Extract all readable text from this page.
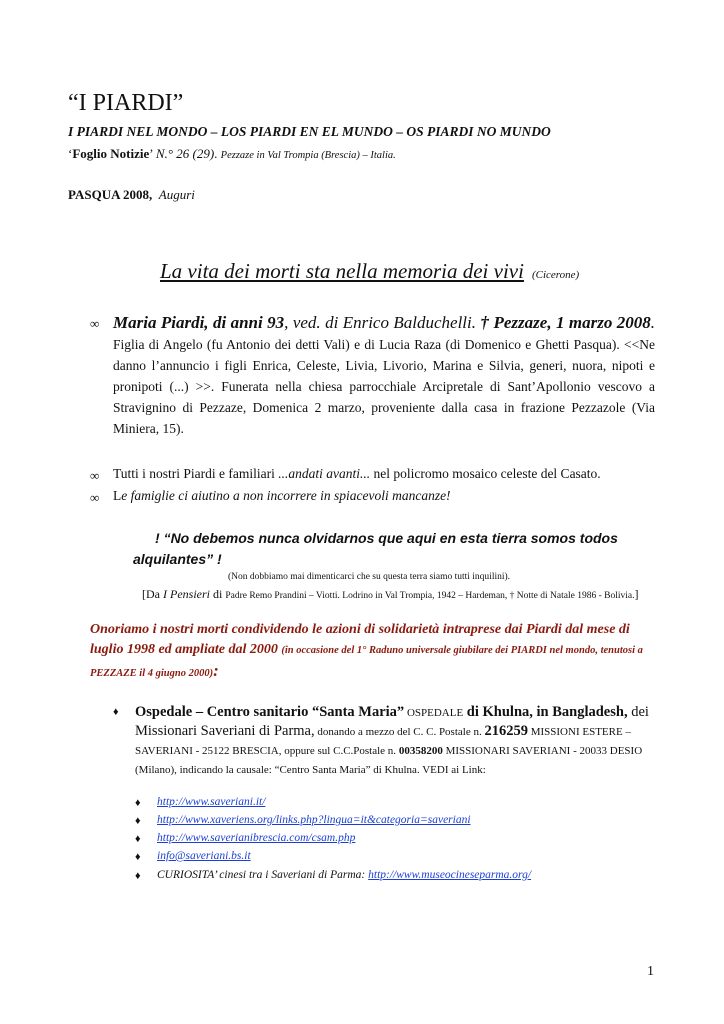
“I PIARDI”
I PIARDI NEL MONDO – LOS PIARDI EN EL MUNDO – OS PIARDI NO MUNDO
‘Foglio Notizie’ N.° 26 (29). Pezzaze in Val Trompia (Brescia) – Italia.
PASQUA 2008, Auguri
La vita dei morti sta nella memoria dei vivi (Cicerone)
∞ Maria Piardi, di anni 93, ved. di Enrico Balduchelli. † Pezzaze, 1 marzo 2008. Figlia di Angelo (fu Antonio dei detti Vali) e di Lucia Raza (di Domenico e Ghetti Pasqua). <<Ne danno l’annuncio i figli Enrica, Celeste, Livia, Livorio, Marina e Silvia, generi, nuora, nipoti e pronipoti (...) >>. Funerata nella chiesa parrocchiale Arcipretale di Sant’Apollonio vescovo a Stravignino di Pezzaze, Domenica 2 marzo, proveniente dalla casa in frazione Pezzazole (Via Miniera, 15).
∞ Tutti i nostri Piardi e familiari ...andati avanti... nel policromo mosaico celeste del Casato.
∞ Le famiglie ci aiutino a non incorrere in spiacevoli mancanze!
! “No debemos nunca olvidarnos que aqui en esta tierra somos todos alquilantes” !
(Non dobbiamo mai dimenticarci che su questa terra siamo tutti inquilini).
[Da I Pensieri di Padre Remo Prandini – Viotti. Lodrino in Val Trompia, 1942 – Hardeman, † Notte di Natale 1986 - Bolivia.]
Onoriamo i nostri morti condividendo le azioni di solidarietà intraprese dai Piardi dal mese di luglio 1998 ed ampliate dal 2000 (in occasione del 1° Raduno universale giubilare dei PIARDI nel mondo, tenutosi a PEZZAZE il 4 giugno 2000):
♦ Ospedale – Centro sanitario “Santa Maria” OSPEDALE di Khulna, in Bangladesh, dei Missionari Saveriani di Parma, donando a mezzo del C. C. Postale n. 216259 MISSIONI ESTERE – SAVERIANI - 25122 BRESCIA, oppure sul C.C.Postale n. 00358200 MISSIONARI SAVERIANI - 20033 DESIO (Milano), indicando la causale: “Centro Santa Maria” di Khulna. VEDI ai Link:
♦ http://www.saveriani.it/
♦ http://www.xaveriens.org/links.php?lingua=it&categoria=saveriani
♦ http://www.saverianibrescia.com/csam.php
♦ info@saveriani.bs.it
♦ CURIOSITA’ cinesi tra i Saveriani di Parma: http://www.museocineseparma.org/
1
